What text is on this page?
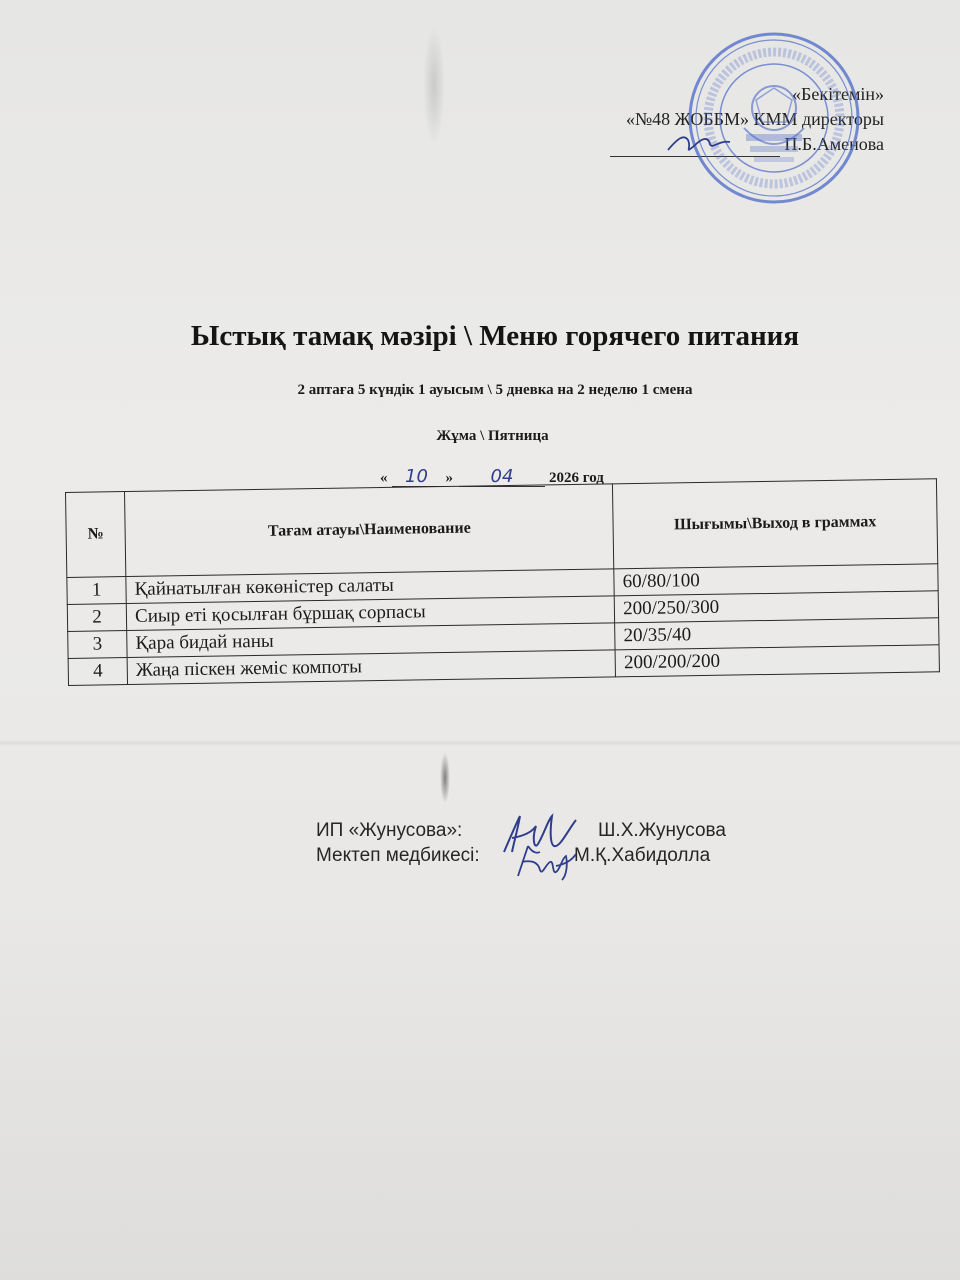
«Бекітемін»
«№48 ЖОББМ» КММ директоры
П.Б.Аменова
Ыстық тамақ мәзірі \ Меню горячего питания
2 аптаға 5 күндік 1 ауысым \ 5 дневка на 2 неделю 1 смена
Жұма \ Пятница
« 10 » 04 2026 год
№	Тағам атауы\Наименование	Шығымы\Выход в граммах
1	Қайнатылған көкөністер салаты	60/80/100
2	Сиыр еті қосылған бұршақ сорпасы	200/250/300
3	Қара бидай наны	20/35/40
4	Жаңа піскен жеміс компоты	200/200/200
ИП «Жунусова»:	Ш.Х.Жунусова
Мектеп медбикесі:	М.Қ.Хабидолла
